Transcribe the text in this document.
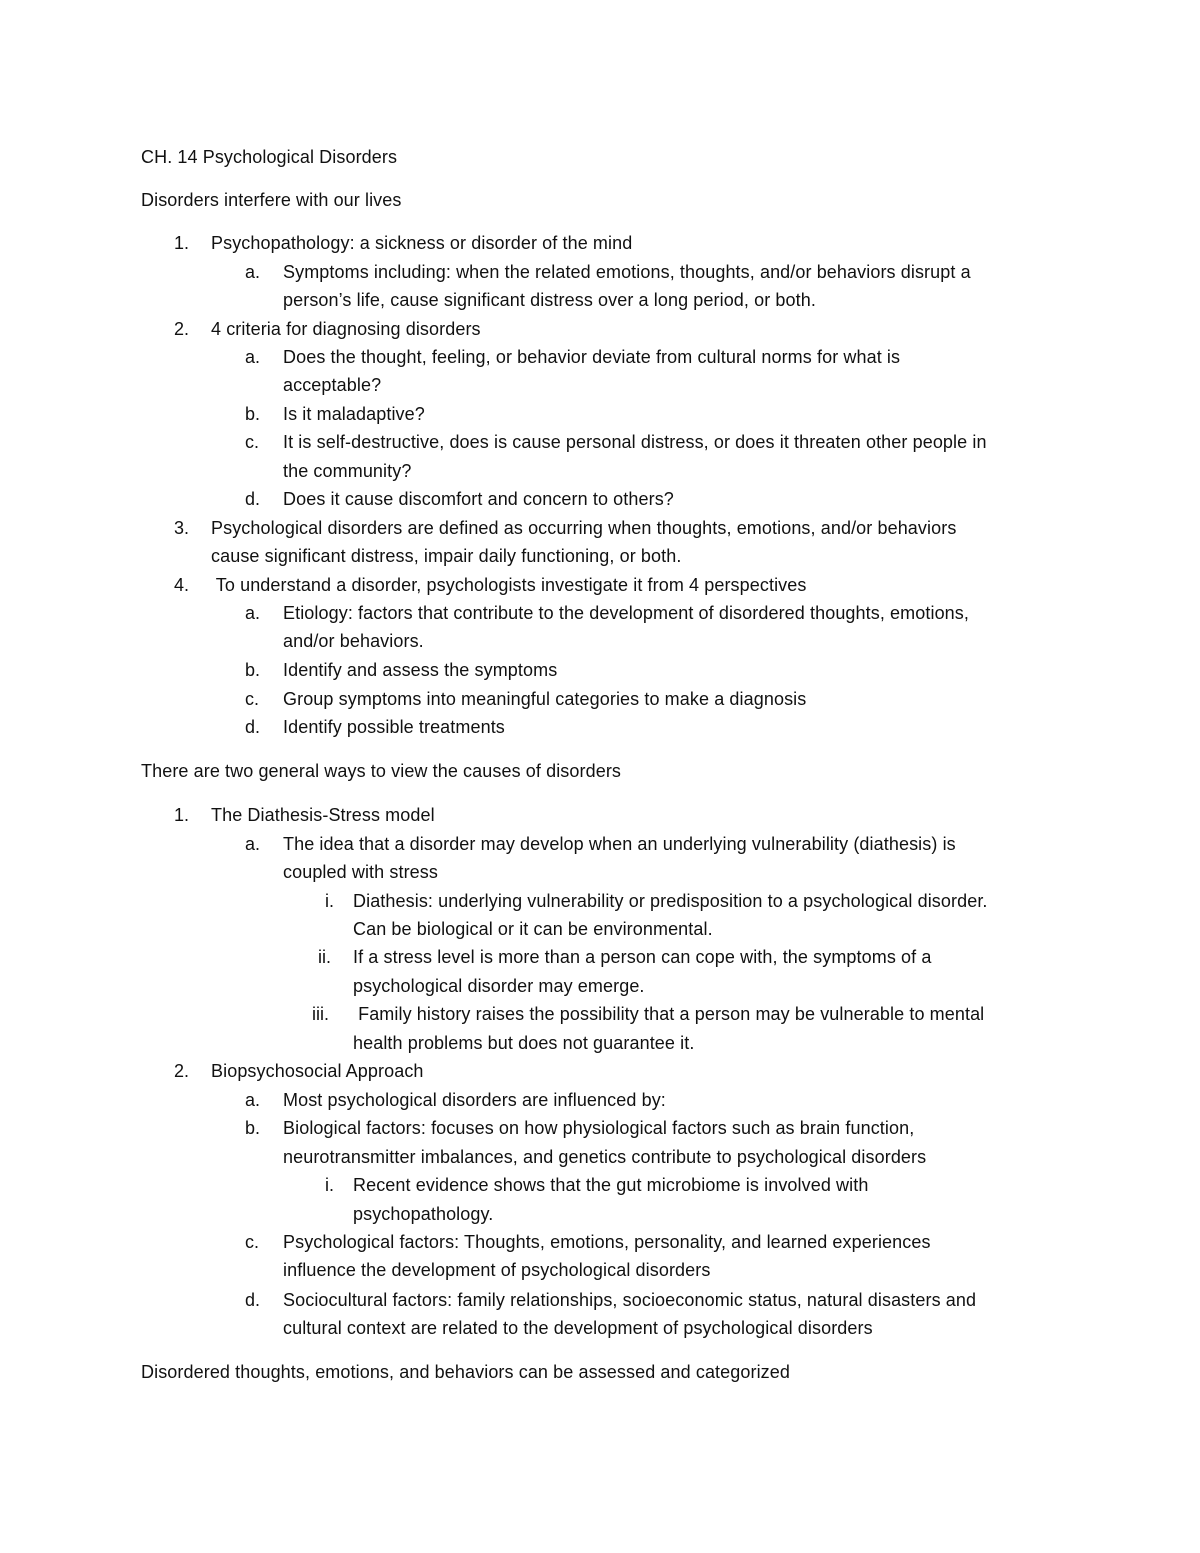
CH. 14 Psychological Disorders
Disorders interfere with our lives
1. Psychopathology: a sickness or disorder of the mind
a. Symptoms including: when the related emotions, thoughts, and/or behaviors disrupt a
person’s life, cause significant distress over a long period, or both.
2. 4 criteria for diagnosing disorders
a. Does the thought, feeling, or behavior deviate from cultural norms for what is
acceptable?
b. Is it maladaptive?
c. It is self-destructive, does is cause personal distress, or does it threaten other people in
the community?
d. Does it cause discomfort and concern to others?
3. Psychological disorders are defined as occurring when thoughts, emotions, and/or behaviors
cause significant distress, impair daily functioning, or both.
4. To understand a disorder, psychologists investigate it from 4 perspectives
a. Etiology: factors that contribute to the development of disordered thoughts, emotions,
and/or behaviors.
b. Identify and assess the symptoms
c. Group symptoms into meaningful categories to make a diagnosis
d. Identify possible treatments
There are two general ways to view the causes of disorders
1. The Diathesis-Stress model
a. The idea that a disorder may develop when an underlying vulnerability (diathesis) is
coupled with stress
i. Diathesis: underlying vulnerability or predisposition to a psychological disorder.
Can be biological or it can be environmental.
ii. If a stress level is more than a person can cope with, the symptoms of a
psychological disorder may emerge.
iii. Family history raises the possibility that a person may be vulnerable to mental
health problems but does not guarantee it.
2. Biopsychosocial Approach
a. Most psychological disorders are influenced by:
b. Biological factors: focuses on how physiological factors such as brain function,
neurotransmitter imbalances, and genetics contribute to psychological disorders
i. Recent evidence shows that the gut microbiome is involved with
psychopathology.
c. Psychological factors: Thoughts, emotions, personality, and learned experiences
influence the development of psychological disorders
d. Sociocultural factors: family relationships, socioeconomic status, natural disasters and
cultural context are related to the development of psychological disorders
Disordered thoughts, emotions, and behaviors can be assessed and categorized
